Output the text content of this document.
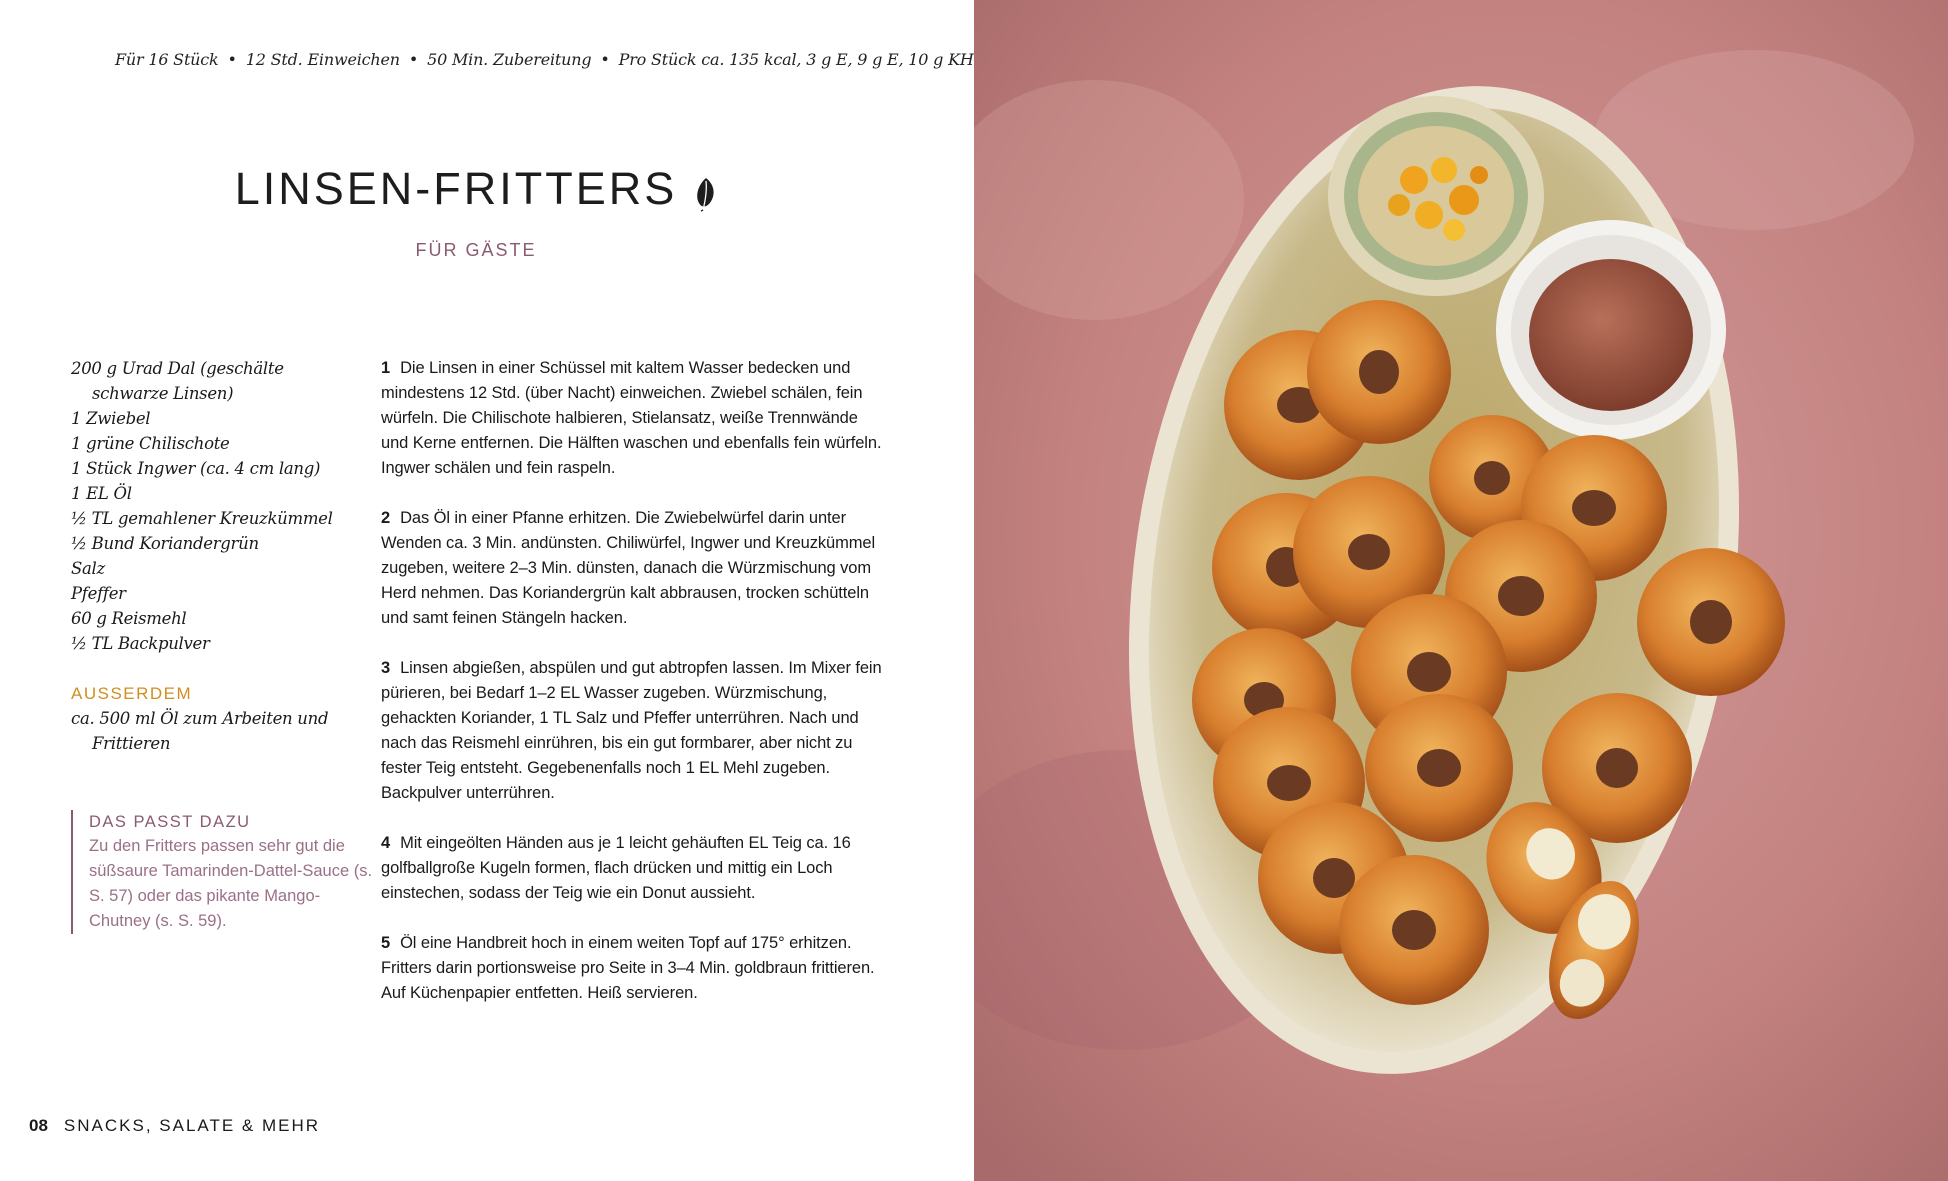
Für 16 Stück • 12 Std. Einweichen • 50 Min. Zubereitung • Pro Stück ca. 135 kcal, 3 g E, 9 g E, 10 g KH
LINSEN-FRITTERS
FÜR GÄSTE
200 g Urad Dal (geschälte schwarze Linsen)
1 Zwiebel
1 grüne Chilischote
1 Stück Ingwer (ca. 4 cm lang)
1 EL Öl
½ TL gemahlener Kreuzkümmel
½ Bund Koriandergrün
Salz
Pfeffer
60 g Reismehl
½ TL Backpulver
AUSSERDEM
ca. 500 ml Öl zum Arbeiten und Frittieren
DAS PASST DAZU
Zu den Fritters passen sehr gut die süßsaure Tamarinden-Dattel-Sauce (s. S. 57) oder das pikante Mango-Chutney (s. S. 59).
1 Die Linsen in einer Schüssel mit kaltem Wasser bedecken und mindestens 12 Std. (über Nacht) einweichen. Zwiebel schälen, fein würfeln. Die Chilischote halbieren, Stielansatz, weiße Trennwände und Kerne entfernen. Die Hälften waschen und ebenfalls fein würfeln. Ingwer schälen und fein raspeln.
2 Das Öl in einer Pfanne erhitzen. Die Zwiebelwürfel darin unter Wenden ca. 3 Min. andünsten. Chiliwürfel, Ingwer und Kreuzkümmel zugeben, weitere 2–3 Min. dünsten, danach die Würzmischung vom Herd nehmen. Das Koriandergrün kalt abbrausen, trocken schütteln und samt feinen Stängeln hacken.
3 Linsen abgießen, abspülen und gut abtropfen lassen. Im Mixer fein pürieren, bei Bedarf 1–2 EL Wasser zugeben. Würzmischung, gehackten Koriander, 1 TL Salz und Pfeffer unterrühren. Nach und nach das Reismehl einrühren, bis ein gut formbarer, aber nicht zu fester Teig entsteht. Gegebenenfalls noch 1 EL Mehl zugeben. Backpulver unterrühren.
4 Mit eingeölten Händen aus je 1 leicht gehäuften EL Teig ca. 16 golfballgroße Kugeln formen, flach drücken und mittig ein Loch einstechen, sodass der Teig wie ein Donut aussieht.
5 Öl eine Handbreit hoch in einem weiten Topf auf 175° erhitzen. Fritters darin portionsweise pro Seite in 3–4 Min. goldbraun frittieren. Auf Küchenpapier entfetten. Heiß servieren.
08 SNACKS, SALATE & MEHR
